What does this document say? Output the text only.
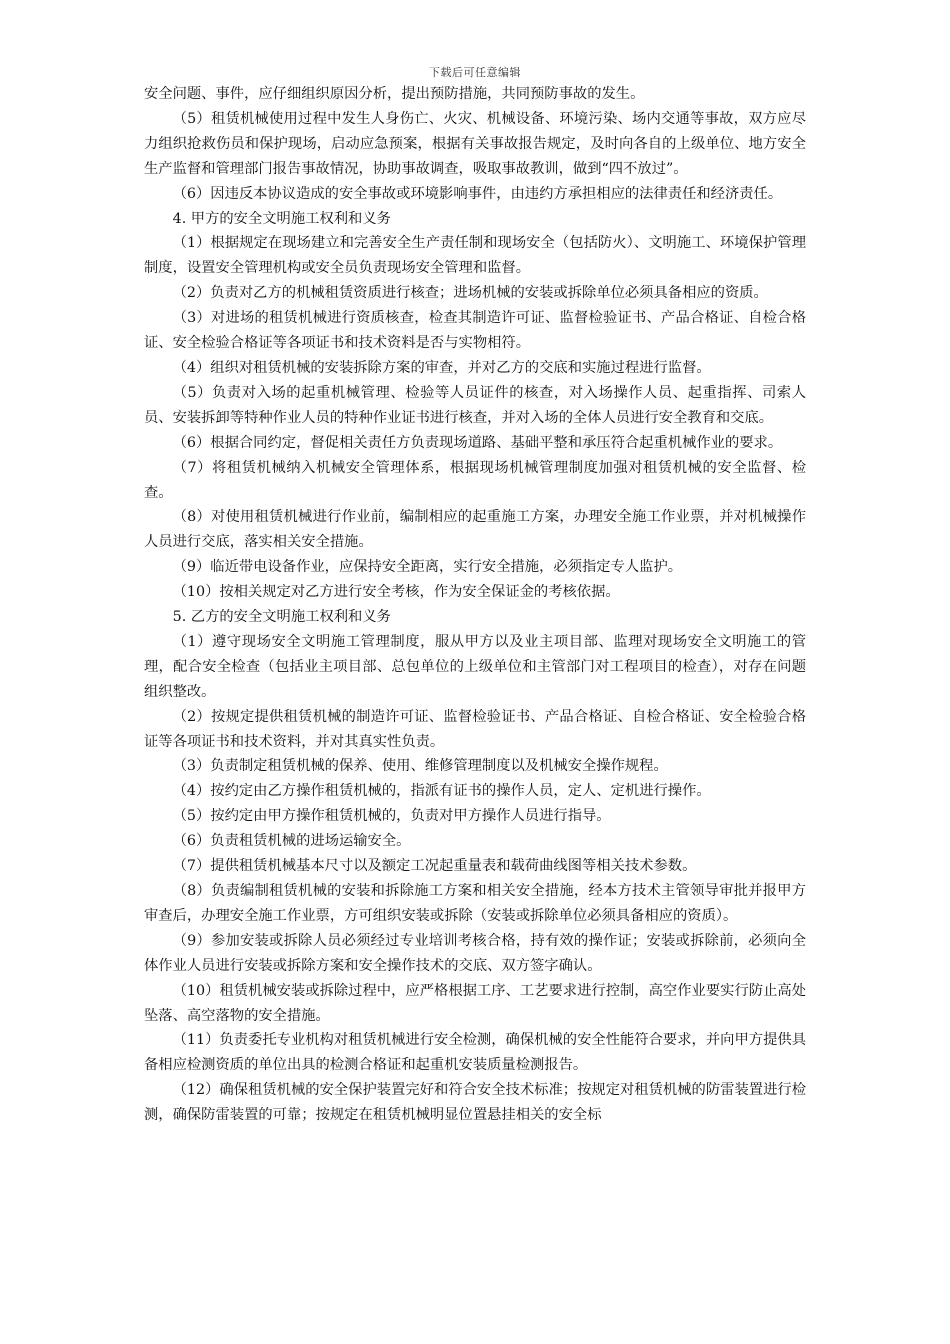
下载后可任意编辑

安全问题、事件，应仔细组织原因分析，提出预防措施，共同预防事故的发生。

（5）租赁机械使用过程中发生人身伤亡、火灾、机械设备、环境污染、场内交通等事故，双方应尽力组织抢救伤员和保护现场，启动应急预案，根据有关事故报告规定，及时向各自的上级单位、地方安全生产监督和管理部门报告事故情况，协助事故调查，吸取事故教训，做到“四不放过”。

（6）因违反本协议造成的安全事故或环境影响事件，由违约方承担相应的法律责任和经济责任。

4. 甲方的安全文明施工权利和义务

（1）根据规定在现场建立和完善安全生产责任制和现场安全（包括防火）、文明施工、环境保护管理制度，设置安全管理机构或安全员负责现场安全管理和监督。

（2）负责对乙方的机械租赁资质进行核查；进场机械的安装或拆除单位必须具备相应的资质。

（3）对进场的租赁机械进行资质核查，检查其制造许可证、监督检验证书、产品合格证、自检合格证、安全检验合格证等各项证书和技术资料是否与实物相符。

（4）组织对租赁机械的安装拆除方案的审查，并对乙方的交底和实施过程进行监督。

（5）负责对入场的起重机械管理、检验等人员证件的核查，对入场操作人员、起重指挥、司索人员、安装拆卸等特种作业人员的特种作业证书进行核查，并对入场的全体人员进行安全教育和交底。

（6）根据合同约定，督促相关责任方负责现场道路、基础平整和承压符合起重机械作业的要求。

（7）将租赁机械纳入机械安全管理体系，根据现场机械管理制度加强对租赁机械的安全监督、检查。

（8）对使用租赁机械进行作业前，编制相应的起重施工方案，办理安全施工作业票，并对机械操作人员进行交底，落实相关安全措施。

（9）临近带电设备作业，应保持安全距离，实行安全措施，必须指定专人监护。

（10）按相关规定对乙方进行安全考核，作为安全保证金的考核依据。

5. 乙方的安全文明施工权利和义务

（1）遵守现场安全文明施工管理制度，服从甲方以及业主项目部、监理对现场安全文明施工的管理，配合安全检查（包括业主项目部、总包单位的上级单位和主管部门对工程项目的检查），对存在问题组织整改。

（2）按规定提供租赁机械的制造许可证、监督检验证书、产品合格证、自检合格证、安全检验合格证等各项证书和技术资料，并对其真实性负责。

（3）负责制定租赁机械的保养、使用、维修管理制度以及机械安全操作规程。

（4）按约定由乙方操作租赁机械的，指派有证书的操作人员，定人、定机进行操作。

（5）按约定由甲方操作租赁机械的，负责对甲方操作人员进行指导。

（6）负责租赁机械的进场运输安全。

（7）提供租赁机械基本尺寸以及额定工况起重量表和载荷曲线图等相关技术参数。

（8）负责编制租赁机械的安装和拆除施工方案和相关安全措施，经本方技术主管领导审批并报甲方审查后，办理安全施工作业票，方可组织安装或拆除（安装或拆除单位必须具备相应的资质）。

（9）参加安装或拆除人员必须经过专业培训考核合格，持有效的操作证；安装或拆除前，必须向全体作业人员进行安装或拆除方案和安全操作技术的交底、双方签字确认。

（10）租赁机械安装或拆除过程中，应严格根据工序、工艺要求进行控制，高空作业要实行防止高处坠落、高空落物的安全措施。

（11）负责委托专业机构对租赁机械进行安全检测，确保机械的安全性能符合要求，并向甲方提供具备相应检测资质的单位出具的检测合格证和起重机安装质量检测报告。

（12）确保租赁机械的安全保护装置完好和符合安全技术标准；按规定对租赁机械的防雷装置进行检测，确保防雷装置的可靠；按规定在租赁机械明显位置悬挂相关的安全标
